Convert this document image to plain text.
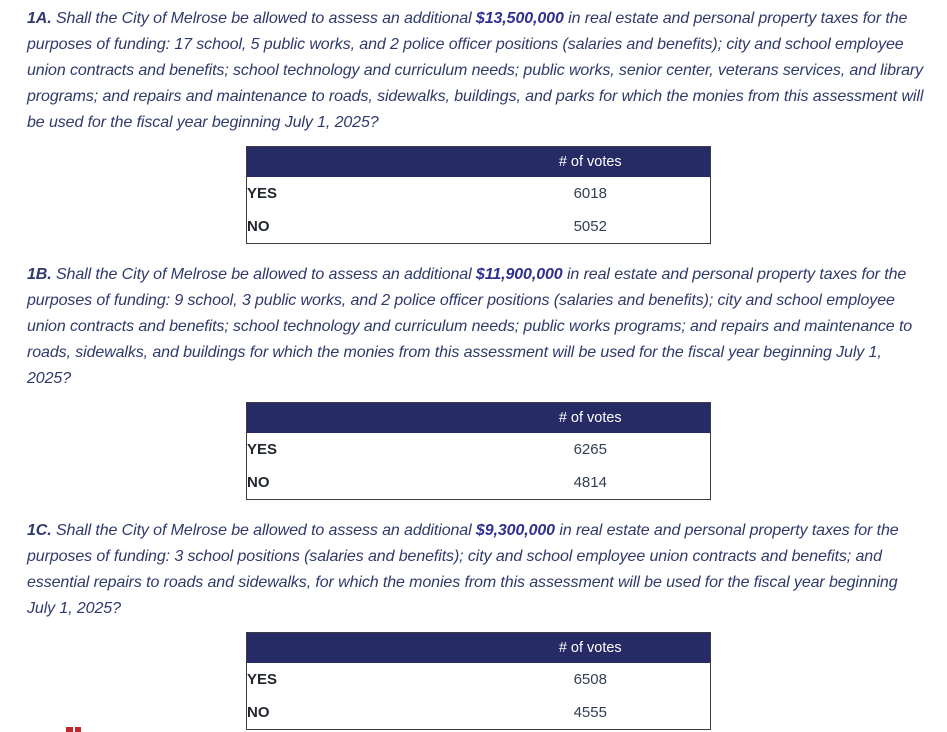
1A. Shall the City of Melrose be allowed to assess an additional $13,500,000 in real estate and personal property taxes for the purposes of funding: 17 school, 5 public works, and 2 police officer positions (salaries and benefits); city and school employee union contracts and benefits; school technology and curriculum needs; public works, senior center, veterans services, and library programs; and repairs and maintenance to roads, sidewalks, buildings, and parks for which the monies from this assessment will be used for the fiscal year beginning July 1, 2025?

	# of votes
YES	6018
NO	5052

1B. Shall the City of Melrose be allowed to assess an additional $11,900,000 in real estate and personal property taxes for the purposes of funding: 9 school, 3 public works, and 2 police officer positions (salaries and benefits); city and school employee union contracts and benefits; school technology and curriculum needs; public works programs; and repairs and maintenance to roads, sidewalks, and buildings for which the monies from this assessment will be used for the fiscal year beginning July 1, 2025?

	# of votes
YES	6265
NO	4814

1C. Shall the City of Melrose be allowed to assess an additional $9,300,000 in real estate and personal property taxes for the purposes of funding: 3 school positions (salaries and benefits); city and school employee union contracts and benefits; and essential repairs to roads and sidewalks, for which the monies from this assessment will be used for the fiscal year beginning July 1, 2025?

	# of votes
YES	6508
NO	4555
